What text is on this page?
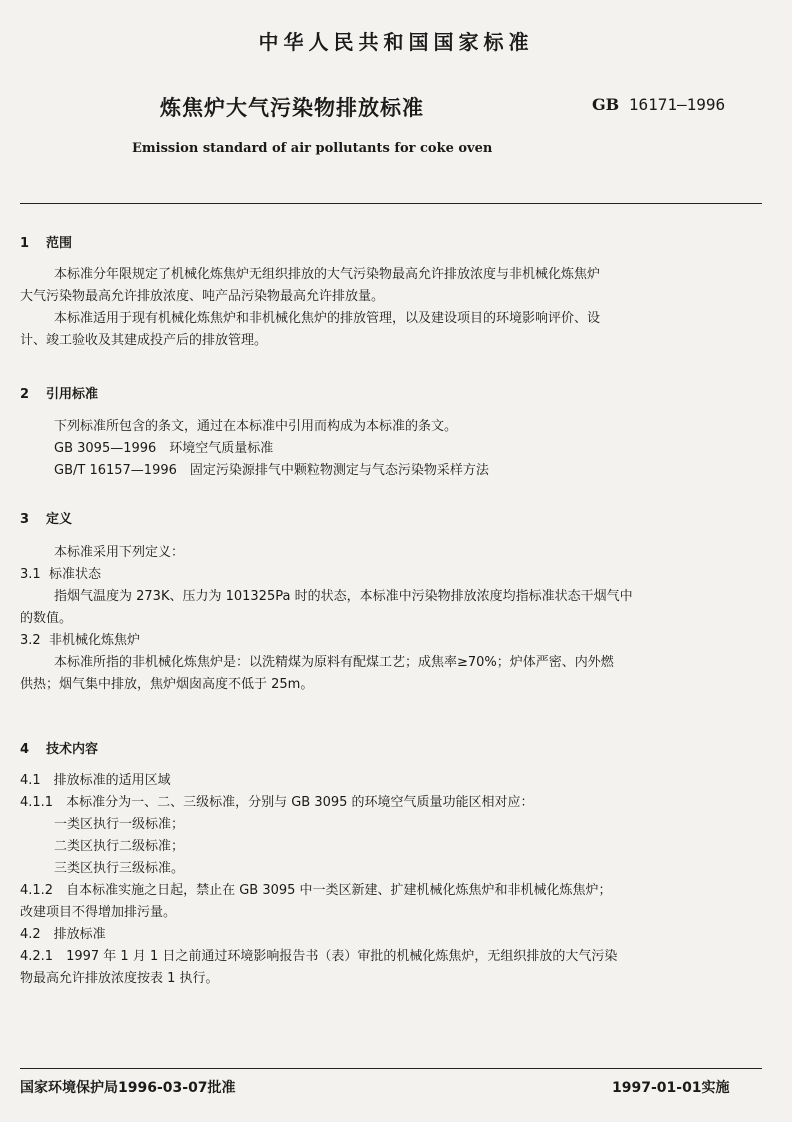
中华人民共和国国家标准
炼焦炉大气污染物排放标准	GB 16171—1996
Emission standard of air pollutants for coke oven
1 范围
本标准分年限规定了机械化炼焦炉无组织排放的大气污染物最高允许排放浓度与非机械化炼焦炉
大气污染物最高允许排放浓度、吨产品污染物最高允许排放量。
本标准适用于现有机械化炼焦炉和非机械化焦炉的排放管理，以及建设项目的环境影响评价、设
计、竣工验收及其建成投产后的排放管理。
2 引用标准
下列标准所包含的条文，通过在本标准中引用而构成为本标准的条文。
GB 3095—1996　环境空气质量标准
GB/T 16157—1996　固定污染源排气中颗粒物测定与气态污染物采样方法
3 定义
本标准采用下列定义：
3.1 标准状态
指烟气温度为 273K、压力为 101325Pa 时的状态，本标准中污染物排放浓度均指标准状态干烟气中
的数值。
3.2 非机械化炼焦炉
本标准所指的非机械化炼焦炉是：以洗精煤为原料有配煤工艺；成焦率≥70%；炉体严密、内外燃
供热；烟气集中排放，焦炉烟囱高度不低于 25m。
4 技术内容
4.1　排放标准的适用区域
4.1.1　本标准分为一、二、三级标准，分别与 GB 3095 的环境空气质量功能区相对应：
一类区执行一级标准；
二类区执行二级标准；
三类区执行三级标准。
4.1.2　自本标准实施之日起，禁止在 GB 3095 中一类区新建、扩建机械化炼焦炉和非机械化炼焦炉；
改建项目不得增加排污量。
4.2　排放标准
4.2.1　1997 年 1 月 1 日之前通过环境影响报告书（表）审批的机械化炼焦炉，无组织排放的大气污染
物最高允许排放浓度按表 1 执行。
国家环境保护局1996-03-07批准	1997-01-01实施
